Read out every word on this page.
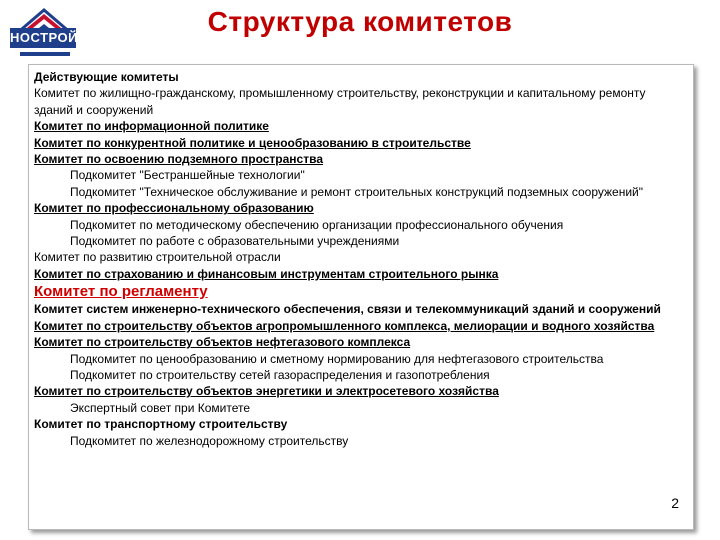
НОСТРОЙ
Структура комитетов
Действующие комитеты
Комитет по жилищно-гражданскому, промышленному строительству, реконструкции и капитальному ремонту зданий и сооружений
Комитет по информационной политике
Комитет по конкурентной политике и ценообразованию в строительстве
Комитет по освоению подземного пространства
Подкомитет "Бестраншейные технологии"
Подкомитет "Техническое обслуживание и ремонт строительных конструкций подземных сооружений"
Комитет по профессиональному образованию
Подкомитет по методическому обеспечению организации профессионального обучения
Подкомитет по работе с образовательными учреждениями
Комитет по развитию строительной отрасли
Комитет по страхованию и финансовым инструментам строительного рынка
Комитет по регламенту
Комитет систем инженерно-технического обеспечения, связи и телекоммуникаций зданий и сооружений
Комитет по строительству объектов агропромышленного комплекса, мелиорации и водного хозяйства
Комитет по строительству объектов нефтегазового комплекса
Подкомитет по ценообразованию и сметному нормированию для нефтегазового строительства
Подкомитет по строительству сетей газораспределения и газопотребления
Комитет по строительству объектов энергетики и электросетевого хозяйства
Экспертный совет при Комитете
Комитет по транспортному строительству
Подкомитет по железнодорожному строительству
2
